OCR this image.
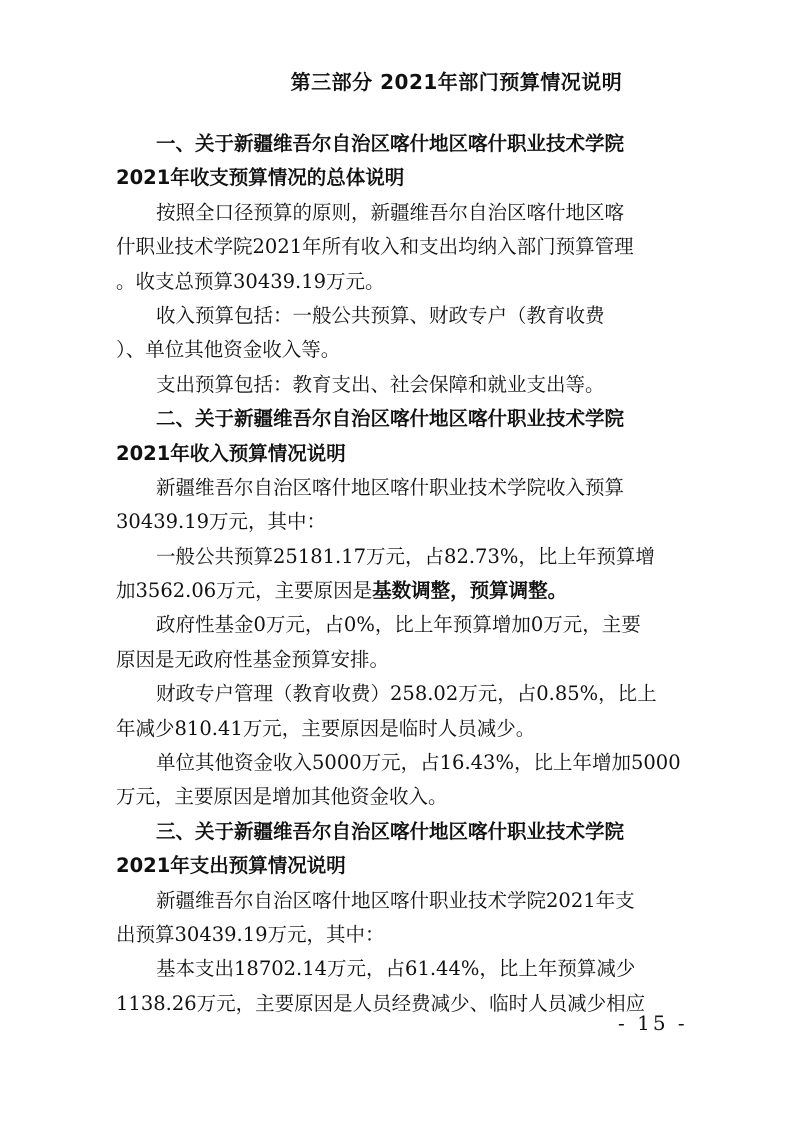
第三部分 2021年部门预算情况说明
一、关于新疆维吾尔自治区喀什地区喀什职业技术学院
2021年收支预算情况的总体说明
按照全口径预算的原则，新疆维吾尔自治区喀什地区喀
什职业技术学院2021年所有收入和支出均纳入部门预算管理
。收支总预算30439.19万元。
收入预算包括：一般公共预算、财政专户（教育收费
）、单位其他资金收入等。
支出预算包括：教育支出、社会保障和就业支出等。
二、关于新疆维吾尔自治区喀什地区喀什职业技术学院
2021年收入预算情况说明
新疆维吾尔自治区喀什地区喀什职业技术学院收入预算
30439.19万元，其中：
一般公共预算25181.17万元，占82.73%，比上年预算增
加3562.06万元，主要原因是基数调整，预算调整。
政府性基金0万元，占0%，比上年预算增加0万元，主要
原因是无政府性基金预算安排。
财政专户管理（教育收费）258.02万元，占0.85%，比上
年减少810.41万元，主要原因是临时人员减少。
单位其他资金收入5000万元，占16.43%，比上年增加5000
万元，主要原因是增加其他资金收入。
三、关于新疆维吾尔自治区喀什地区喀什职业技术学院
2021年支出预算情况说明
新疆维吾尔自治区喀什地区喀什职业技术学院2021年支
出预算30439.19万元，其中：
基本支出18702.14万元，占61.44%，比上年预算减少
1138.26万元，主要原因是人员经费减少、临时人员减少相应
- 15 -
